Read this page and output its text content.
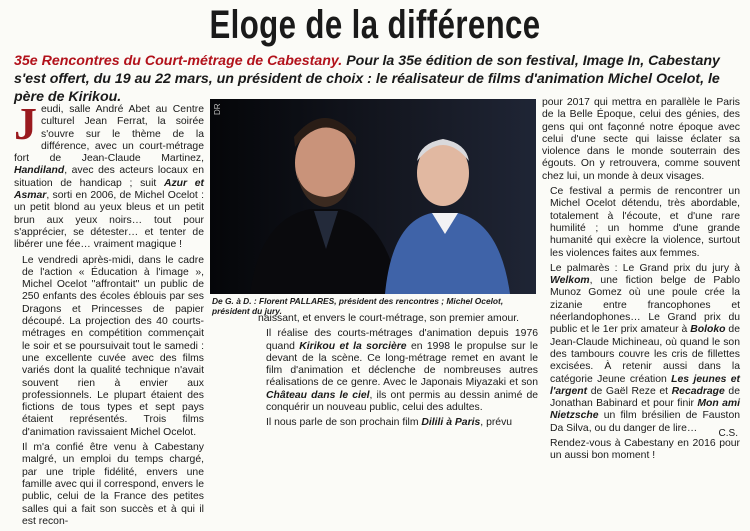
Eloge de la différence
35e Rencontres du Court-métrage de Cabestany. Pour la 35e édition de son festival, Image In, Cabestany s'est offert, du 19 au 22 mars, un président de choix : le réalisateur de films d'animation Michel Ocelot, le père de Kirikou.

Jeudi, salle André Abet au Centre culturel Jean Ferrat, la soirée s'ouvre sur le thème de la différence, avec un court-métrage fort de Jean-Claude Martinez, Handiland, avec des acteurs locaux en situation de handicap ; suit Azur et Asmar, sorti en 2006, de Michel Ocelot : un petit blond au yeux bleus et un petit brun aux yeux noirs… tout pour s'apprécier, se détester… et tenter de libérer une fée… vraiment magique !

Le vendredi après-midi, dans le cadre de l'action « Éducation à l'image », Michel Ocelot "affrontait" un public de 250 enfants des écoles éblouis par ses Dragons et Princesses de papier découpé. La projection des 40 courts-métrages en compétition commençait le soir et se poursuivait tout le samedi : une excellente cuvée avec des films variés dont la qualité technique n'avait souvent rien à envier aux professionnels. Le plupart étaient des fictions de tous types et sept pays étaient représentés. Trois films d'animation ravissaient Michel Ocelot.

Il m'a confié être venu à Cabestany malgré, un emploi du temps chargé, par une triple fidélité, envers une famille avec qui il correspond, envers le public, celui de la France des petites salles qui a fait son succès et à qui il est recon-

DR
De G. à D. : Florent PALLARES, président des rencontres ; Michel Ocelot, président du jury.

naissant, et envers le court-métrage, son premier amour.

Il réalise des courts-métrages d'animation depuis 1976 quand Kirikou et la sorcière en 1998 le propulse sur le devant de la scène. Ce long-métrage remet en avant le film d'animation et déclenche de nombreuses autres réalisations de ce genre. Avec le Japonais Miyazaki et son Château dans le ciel, ils ont permis au dessin animé de conquérir un nouveau public, celui des adultes.

Il nous parle de son prochain film Dilili à Paris, prévu

pour 2017 qui mettra en parallèle le Paris de la Belle Époque, celui des génies, des gens qui ont façonné notre époque avec celui d'une secte qui laisse éclater sa violence dans le monde souterrain des égouts. On y retrouvera, comme souvent chez lui, un monde à deux visages.

Ce festival a permis de rencontrer un Michel Ocelot détendu, très abordable, totalement à l'écoute, et d'une rare humilité ; un homme d'une grande humanité qui exècre la violence, surtout les violences faites aux femmes.

Le palmarès : Le Grand prix du jury à Welkom, une fiction belge de Pablo Munoz Gomez où une poule crée la zizanie entre francophones et néerlandophones… Le Grand prix du public et le 1er prix amateur à Boloko de Jean-Claude Michineau, où quand le son des tambours couvre les cris de fillettes excisées. À retenir aussi dans la catégorie Jeune création Les jeunes et l'argent de Gaël Reze et Recadrage de Jonathan Babinard et pour finir Mon ami Nietzsche un film brésilien de Fauston Da Silva, ou du danger de lire…

Rendez-vous à Cabestany en 2016 pour un aussi bon moment !

C.S.
